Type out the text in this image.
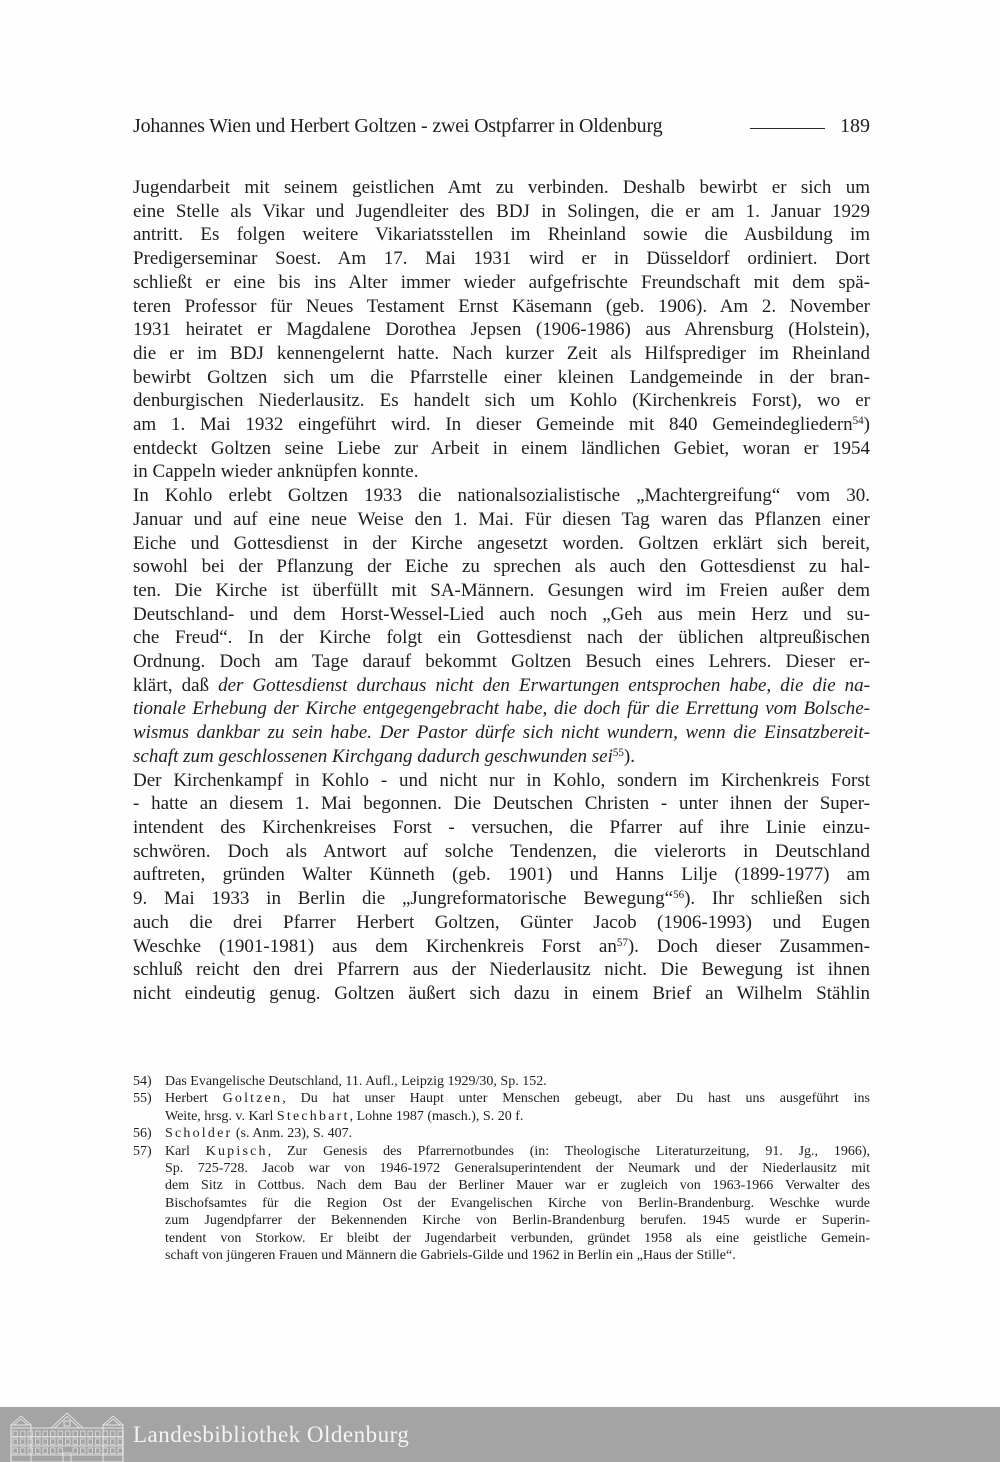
Johannes Wien und Herbert Goltzen - zwei Ostpfarrer in Oldenburg	189
Jugendarbeit mit seinem geistlichen Amt zu verbinden. Deshalb bewirbt er sich um
eine Stelle als Vikar und Jugendleiter des BDJ in Solingen, die er am 1. Januar 1929
antritt. Es folgen weitere Vikariatsstellen im Rheinland sowie die Ausbildung im
Predigerseminar Soest. Am 17. Mai 1931 wird er in Düsseldorf ordiniert. Dort
schließt er eine bis ins Alter immer wieder aufgefrischte Freundschaft mit dem spä-
teren Professor für Neues Testament Ernst Käsemann (geb. 1906). Am 2. November
1931 heiratet er Magdalene Dorothea Jepsen (1906-1986) aus Ahrensburg (Holstein),
die er im BDJ kennengelernt hatte. Nach kurzer Zeit als Hilfsprediger im Rheinland
bewirbt Goltzen sich um die Pfarrstelle einer kleinen Landgemeinde in der bran-
denburgischen Niederlausitz. Es handelt sich um Kohlo (Kirchenkreis Forst), wo er
am 1. Mai 1932 eingeführt wird. In dieser Gemeinde mit 840 Gemeindegliedern$^{54}$)
entdeckt Goltzen seine Liebe zur Arbeit in einem ländlichen Gebiet, woran er 1954
in Cappeln wieder anknüpfen konnte.
In Kohlo erlebt Goltzen 1933 die nationalsozialistische „Machtergreifung“ vom 30.
Januar und auf eine neue Weise den 1. Mai. Für diesen Tag waren das Pflanzen einer
Eiche und Gottesdienst in der Kirche angesetzt worden. Goltzen erklärt sich bereit,
sowohl bei der Pflanzung der Eiche zu sprechen als auch den Gottesdienst zu hal-
ten. Die Kirche ist überfüllt mit SA-Männern. Gesungen wird im Freien außer dem
Deutschland- und dem Horst-Wessel-Lied auch noch „Geh aus mein Herz und su-
che Freud“. In der Kirche folgt ein Gottesdienst nach der üblichen altpreußischen
Ordnung. Doch am Tage darauf bekommt Goltzen Besuch eines Lehrers. Dieser er-
klärt, daß der Gottesdienst durchaus nicht den Erwartungen entsprochen habe, die die na-
tionale Erhebung der Kirche entgegengebracht habe, die doch für die Errettung vom Bolsche-
wismus dankbar zu sein habe. Der Pastor dürfe sich nicht wundern, wenn die Einsatzbereit-
schaft zum geschlossenen Kirchgang dadurch geschwunden sei$^{55}$).
Der Kirchenkampf in Kohlo - und nicht nur in Kohlo, sondern im Kirchenkreis Forst
- hatte an diesem 1. Mai begonnen. Die Deutschen Christen - unter ihnen der Super-
intendent des Kirchenkreises Forst - versuchen, die Pfarrer auf ihre Linie einzu-
schwören. Doch als Antwort auf solche Tendenzen, die vielerorts in Deutschland
auftreten, gründen Walter Künneth (geb. 1901) und Hanns Lilje (1899-1977) am
9. Mai 1933 in Berlin die „Jungreformatorische Bewegung“$^{56}$). Ihr schließen sich
auch die drei Pfarrer Herbert Goltzen, Günter Jacob (1906-1993) und Eugen
Weschke (1901-1981) aus dem Kirchenkreis Forst $an^{57}$). Doch dieser Zusammen-
schluß reicht den drei Pfarrern aus der Niederlausitz nicht. Die Bewegung ist ihnen
nicht eindeutig genug. Goltzen äußert sich dazu in einem Brief an Wilhelm Stählin
54) Das Evangelische Deutschland, 11. Aufl., Leipzig 1929/30, Sp. 152.
55) Herbert Goltzen, Du hat unser Haupt unter Menschen gebeugt, aber Du hast uns ausgeführt ins
Weite, hrsg. v. Karl Stechbart, Lohne 1987 (masch.), S. 20 f.
56) Scholder (s. Anm. 23), S. 407.
57) Karl Kupisch, Zur Genesis des Pfarrernotbundes (in: Theologische Literaturzeitung, 91. Jg., 1966),
Sp. 725-728. Jacob war von 1946-1972 Generalsuperintendent der Neumark und der Niederlausitz mit
dem Sitz in Cottbus. Nach dem Bau der Berliner Mauer war er zugleich von 1963-1966 Verwalter des
Bischofsamtes für die Region Ost der Evangelischen Kirche von Berlin-Brandenburg. Weschke wurde
zum Jugendpfarrer der Bekennenden Kirche von Berlin-Brandenburg berufen. 1945 wurde er Superin-
tendent von Storkow. Er bleibt der Jugendarbeit verbunden, gründet 1958 als eine geistliche Gemein-
schaft von jüngeren Frauen und Männern die Gabriels-Gilde und 1962 in Berlin ein „Haus der Stille“.
Landesbibliothek Oldenburg
